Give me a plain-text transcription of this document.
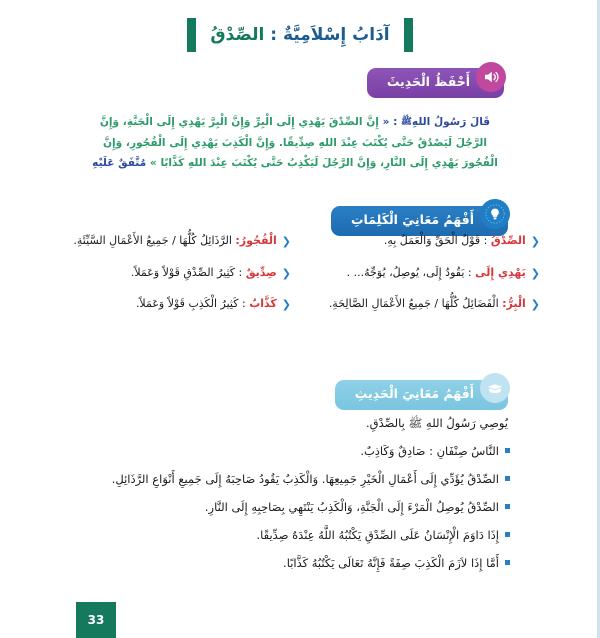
آدَابُ إِسْلاَمِيَّةٌ : الصِّدْقُ
أَحْفَظُ الْحَدِيثَ
قَالَ رَسُولُ اللهِﷺ : « إِنَّ الصِّدْقَ يَهْدِي إِلَى الْبِرِّ وَإِنَّ الْبِرَّ يَهْدِي إِلَى الْجَنَّةِ، وَإِنَّ الرَّجُلَ لَيَصْدُقُ حَتَّى يُكْتَبَ عِنْدَ اللهِ صِدِّيقًا. وَإِنَّ الْكَذِبَ يَهْدِي إِلَى الْفُجُورِ، وَإِنَّ الْفُجُورَ يَهْدِي إِلَى النَّارِ، وَإِنَّ الرَّجُلَ لَيَكْذِبُ حَتَّى يُكْتَبَ عِنْدَ اللهِ كَذَّابًا » مُتَّفَقٌ عَلَيْهِ
أَفْهَمُ مَعَانِيَ الْكَلِمَاتِ
❮
الصِّدْقُ : قَوْلُ الْحَقِّ وَالْعَمَلُ بِهِ.
❮
يَهْدِي إِلَى : يَقُودُ إِلَى، يُوصِلُ، يُوَجِّهُ... .
❮
الْبِرُّ: الْفَضَائِلُ كُلُّهَا / جَمِيعُ الأَعْمَالِ الصَّالِحَةِ.
❮
الْفُجُورُ: الرَّذَائِلُ كُلُّهَا / جَمِيعُ الأَعْمَالِ السَّيِّئَةِ.
❮
صِدِّيقٌ : كَثِيرُ الصِّدْقِ قَوْلاً وَعَمَلاً.
❮
كَذَّابٌ : كَثِيرُ الْكَذِبِ قَوْلاً وَعَمَلاً.
أَفْهَمُ مَعَانِيَ الْحَدِيثِ
يُوصِي رَسُولُ اللهِ ﷺ بِالصِّدْقِ.
النَّاسُ صِنْفَانِ : صَادِقٌ وَكَاذِبٌ.
الصِّدْقُ يُؤَدِّي إِلَى أَعْمَالِ الْخَيْرِ جَمِيعِهَا. وَالْكَذِبُ يَقُودُ صَاحِبَهُ إِلَى جَمِيعِ أَنْوَاعِ الرَّذَائِلِ.
الصِّدْقُ يُوصِلُ الْمَرْءَ إِلَى الْجَنَّةِ، وَالْكَذِبُ يَنْتَهِي بِصَاحِبِهِ إِلَى النَّارِ.
إِذَا دَاوَمَ الْإِنْسَانُ عَلَى الصِّدْقِ يَكْتُبُهُ اللَّهُ عِنْدَهُ صِدِّيقًا.
أَمَّا إِذَا لاَزَمَ الْكَذِبَ صِفَةً فَإِنَّهُ تَعَالَى يَكْتُبُهُ كَذَّابًا.
33
